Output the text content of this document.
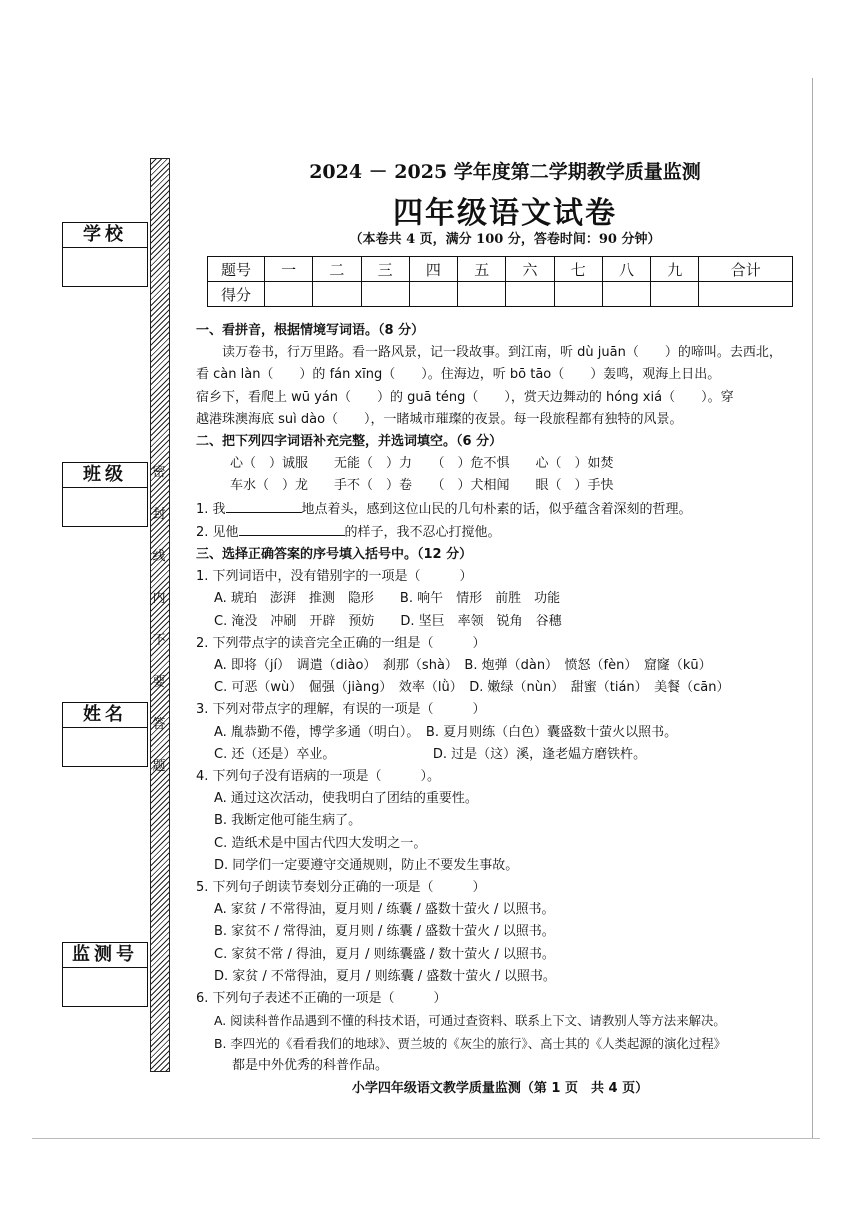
学校
班级
姓名
监测号
密
封
线
内
不
要
答
题
2024 － 2025 学年度第二学期教学质量监测
四年级语文试卷
（本卷共 4 页，满分 100 分，答卷时间：90 分钟）
题号	一	二	三	四	五	六	七	八	九	合计
得分										
一、看拼音，根据情境写词语。（8 分）
读万卷书，行万里路。看一路风景，记一段故事。到江南，听 dù juān（　　）的啼叫。去西北，
看 càn làn（　　）的 fán xīng（　　）。住海边，听 bō tāo（　　）轰鸣，观海上日出。
宿乡下，看爬上 wū yán（　　）的 guā téng（　　），赏天边舞动的 hóng xiá（　　）。穿
越港珠澳海底 suì dào（　　），一睹城市璀璨的夜景。每一段旅程都有独特的风景。
二、把下列四字词语补充完整，并选词填空。（6 分）
心（　）诚服　　无能（　）力　　（　）危不惧　　心（　）如焚
车水（　）龙　　手不（　）卷　　（　）犬相闻　　眼（　）手快
1. 我	地点着头，感到这位山民的几句朴素的话，似乎蕴含着深刻的哲理。
2. 见他	的样子，我不忍心打搅他。
三、选择正确答案的序号填入括号中。（12 分）
1. 下列词语中，没有错别字的一项是（　　　）
A. 琥珀　澎湃　推测　隐形　　B. 响午　情形　前胜　功能
C. 淹没　冲刷　开辟　预妨　　D. 坚巨　率领　锐角　谷穗
2. 下列带点字的读音完全正确的一组是（　　　）
A. 即将（jí）　调遣（diào）　刹那（shà）　B. 炮弹（dàn）　愤怒（fèn）　窟窿（kū）
C. 可恶（wù）　倔强（jiàng）　效率（lǜ）　D. 嫩绿（nùn）　甜蜜（tián）　美餐（cān）
3. 下列对带点字的理解，有误的一项是（　　　）
A. 胤恭勤不倦，博学多通（明白）。　B. 夏月则练（白色）囊盛数十萤火以照书。
C. 还（还是）卒业。　　　　　　　　D. 过是（这）溪，逢老媪方磨铁杵。
4. 下列句子没有语病的一项是（　　　）。
A. 通过这次活动，使我明白了团结的重要性。
B. 我断定他可能生病了。
C. 造纸术是中国古代四大发明之一。
D. 同学们一定要遵守交通规则，防止不要发生事故。
5. 下列句子朗读节奏划分正确的一项是（　　　）
A. 家贫 / 不常得油，夏月则 / 练囊 / 盛数十萤火 / 以照书。
B. 家贫不 / 常得油，夏月则 / 练囊 / 盛数十萤火 / 以照书。
C. 家贫不常 / 得油，夏月 / 则练囊盛 / 数十萤火 / 以照书。
D. 家贫 / 不常得油，夏月 / 则练囊 / 盛数十萤火 / 以照书。
6. 下列句子表述不正确的一项是（　　　）
A. 阅读科普作品遇到不懂的科技术语，可通过查资料、联系上下文、请教别人等方法来解决。
B. 李四光的《看看我们的地球》、贾兰坡的《灰尘的旅行》、高士其的《人类起源的演化过程》
都是中外优秀的科普作品。
小学四年级语文教学质量监测（第 1 页　共 4 页）
